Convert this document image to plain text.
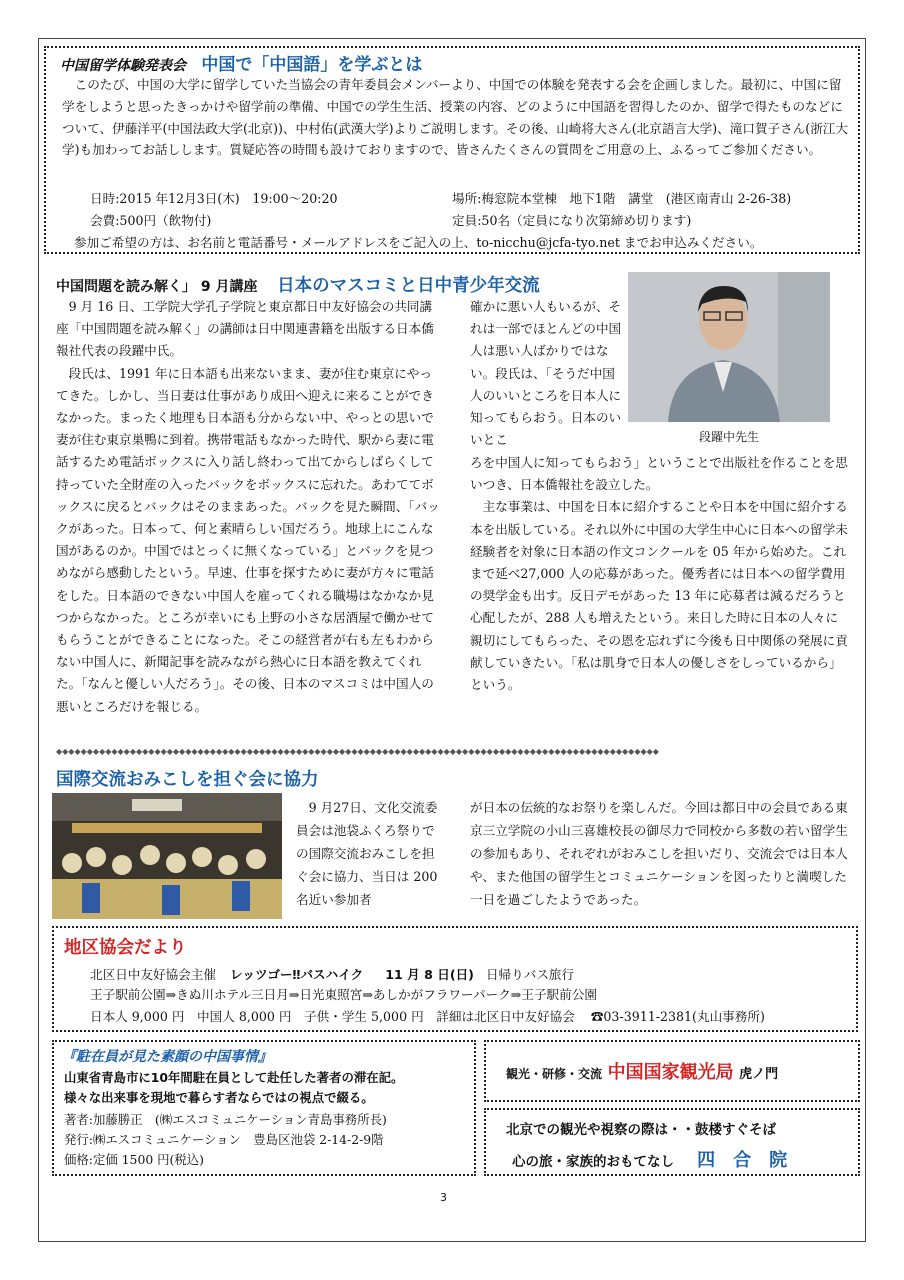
中国留学体験発表会 中国で「中国語」を学ぶとは

このたび、中国の大学に留学していた当協会の青年委員会メンバーより、中国での体験を発表する会を企画しました。最初に、中国に留学をしようと思ったきっかけや留学前の準備、中国での学生生活、授業の内容、どのように中国語を習得したのか、留学で得たものなどについて、伊藤洋平(中国法政大学(北京))、中村佑(武漢大学)よりご説明します。その後、山崎将大さん(北京語言大学)、滝口賀子さん(浙江大学)も加わってお話しします。質疑応答の時間も設けておりますので、皆さんたくさんの質問をご用意の上、ふるってご参加ください。

日時:2015 年12月3日(木)　19:00～20:20	場所:梅窓院本堂棟　地下1階　講堂　(港区南青山 2-26-38)
会費:500円（飲物付)	定員:50名（定員になり次第締め切ります)
参加ご希望の方は、お名前と電話番号・メールアドレスをご記入の上、to-nicchu@jcfa-tyo.net までお申込みください。
中国問題を読み解く」 9 月講座 日本のマスコミと日中青少年交流

9 月 16 日、工学院大学孔子学院と東京都日中友好協会の共同講座「中国問題を読み解く」の講師は日中関連書籍を出版する日本僑報社代表の段躍中氏。

段氏は、1991 年に日本語も出来ないまま、妻が住む東京にやってきた。しかし、当日妻は仕事があり成田へ迎えに来ることができなかった。まったく地理も日本語も分からない中、やっとの思いで妻が住む東京巣鴨に到着。携帯電話もなかった時代、駅から妻に電話するため電話ボックスに入り話し終わって出てからしばらくして持っていた全財産の入ったバックをボックスに忘れた。あわててボックスに戻るとバックはそのままあった。バックを見た瞬間、「バックがあった。日本って、何と素晴らしい国だろう。地球上にこんな国があるのか。中国ではとっくに無くなっている」とバックを見つめながら感動したという。早速、仕事を探すために妻が方々に電話をした。日本語のできない中国人を雇ってくれる職場はなかなか見つからなかった。ところが幸いにも上野の小さな居酒屋で働かせてもらうことができることになった。そこの経営者が右も左もわからない中国人に、新聞記事を読みながら熱心に日本語を教えてくれた。「なんと優しい人だろう」。その後、日本のマスコミは中国人の悪いところだけを報じる。

確かに悪い人もいるが、それは一部でほとんどの中国人は悪い人ばかりではない。段氏は、「そうだ中国人のいいところを日本人に知ってもらおう。日本のいいとこ	段躍中先生

ろを中国人に知ってもらおう」ということで出版社を作ることを思いつき、日本僑報社を設立した。

主な事業は、中国を日本に紹介することや日本を中国に紹介する本を出版している。それ以外に中国の大学生中心に日本への留学未経験者を対象に日本語の作文コンクールを 05 年から始めた。これまで延べ27,000 人の応募があった。優秀者には日本への留学費用の奨学金も出す。反日デモがあった 13 年に応募者は減るだろうと心配したが、288 人も増えたという。来日した時に日本の人々に親切にしてもらった、その恩を忘れずに今後も日中関係の発展に貢献していきたい。「私は肌身で日本人の優しさをしっているから」という。

◆◆◆◆◆◆◆◆◆◆◆◆◆◆◆◆◆◆◆◆◆◆◆◆◆◆◆◆◆◆◆◆◆◆◆◆◆◆◆◆◆◆◆◆◆◆◆◆◆◆◆◆◆◆◆◆◆◆◆◆◆◆◆◆◆◆◆◆◆◆◆◆◆◆◆◆◆◆◆◆◆◆◆◆◆◆◆◆◆◆◆◆◆◆◆◆◆◆
国際交流おみこしを担ぐ会に協力

9 月27日、文化交流委員会は池袋ふくろ祭りでの国際交流おみこしを担ぐ会に協力、当日は 200 名近い参加者

が日本の伝統的なお祭りを楽しんだ。今回は都日中の会員である東京三立学院の小山三喜雄校長の御尽力で同校から多数の若い留学生の参加もあり、それぞれがおみこしを担いだり、交流会では日本人や、また他国の留学生とコミュニケーションを図ったりと満喫した一日を過ごしたようであった。

地区協会だより
北区日中友好協会主催 レッツゴー‼バスハイク 11 月 8 日(日) 日帰りバス旅行
王子駅前公園⇒きぬ川ホテル三日月⇒日光東照宮⇒あしかがフラワーパーク⇒王子駅前公園
日本人 9,000 円　中国人 8,000 円　子供・学生 5,000 円　詳細は北区日中友好協会 ☎03-3911-2381(丸山事務所)
『駐在員が見た素顔の中国事情』
山東省青島市に10年間駐在員として赴任した著者の滞在記。
様々な出来事を現地で暮らす者ならではの視点で綴る。
著者:加藤勝正　(㈱エスコミュニケーション青島事務所長)
発行:㈱エスコミュニケーション　豊島区池袋 2-14-2-9階
価格:定価 1500 円(税込)
観光・研修・交流 中国国家観光局 虎ノ門
北京での観光や視察の際は・・鼓楼すぐそば
心の旅・家族的おもてなし 四　合　院
3
